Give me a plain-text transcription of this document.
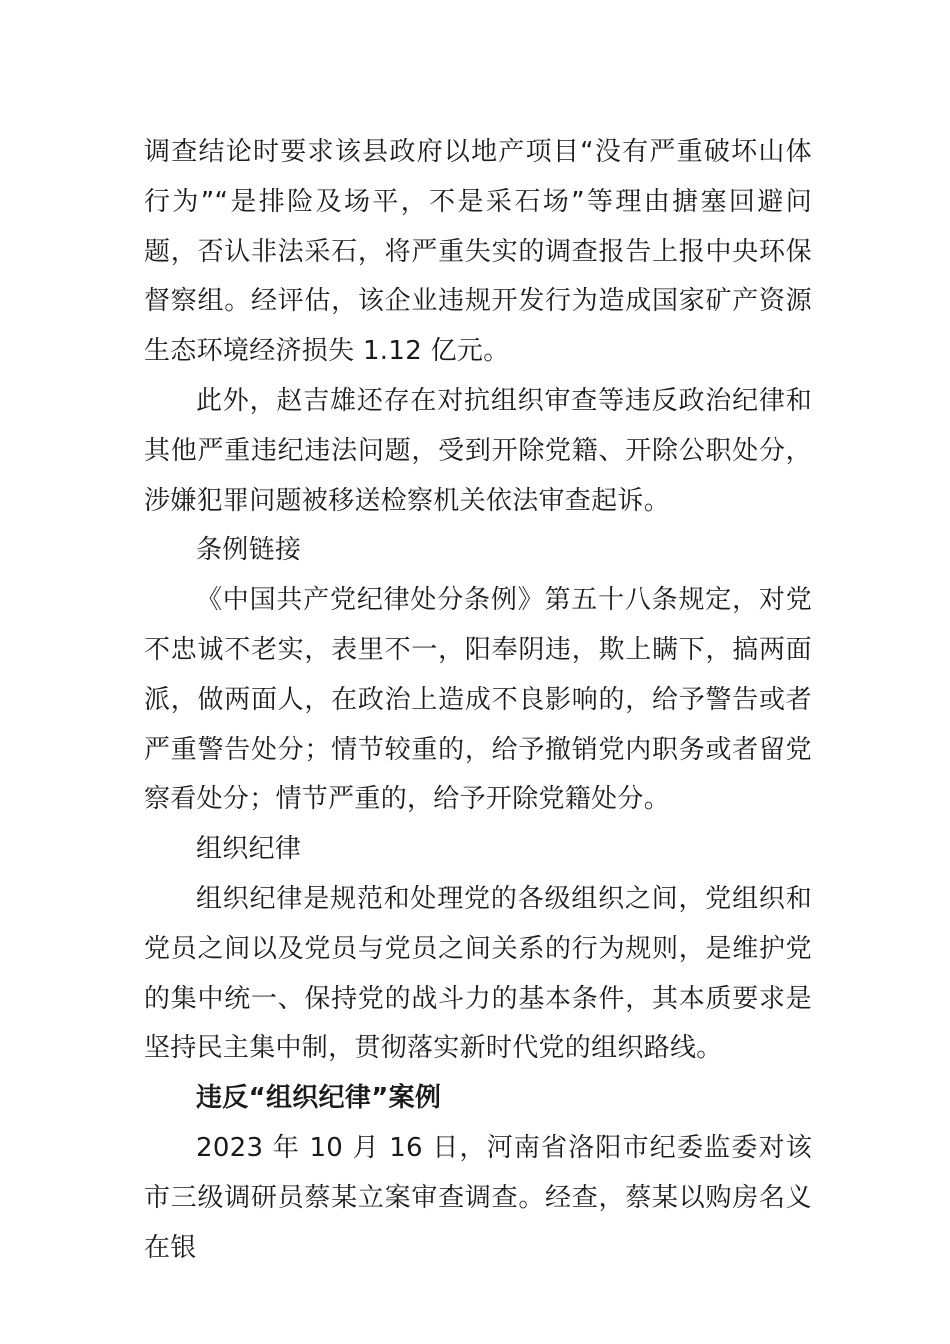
调查结论时要求该县政府以地产项目“没有严重破坏山体行为”“是排险及场平，不是采石场”等理由搪塞回避问题，否认非法采石，将严重失实的调查报告上报中央环保督察组。经评估，该企业违规开发行为造成国家矿产资源生态环境经济损失 1.12 亿元。

此外，赵吉雄还存在对抗组织审查等违反政治纪律和其他严重违纪违法问题，受到开除党籍、开除公职处分，涉嫌犯罪问题被移送检察机关依法审查起诉。

条例链接

《中国共产党纪律处分条例》第五十八条规定，对党不忠诚不老实，表里不一，阳奉阴违，欺上瞒下，搞两面派，做两面人，在政治上造成不良影响的，给予警告或者严重警告处分；情节较重的，给予撤销党内职务或者留党察看处分；情节严重的，给予开除党籍处分。

组织纪律

组织纪律是规范和处理党的各级组织之间，党组织和党员之间以及党员与党员之间关系的行为规则，是维护党的集中统一、保持党的战斗力的基本条件，其本质要求是坚持民主集中制，贯彻落实新时代党的组织路线。

违反“组织纪律”案例

2023 年 10 月 16 日，河南省洛阳市纪委监委对该市三级调研员蔡某立案审查调查。经查，蔡某以购房名义在银
